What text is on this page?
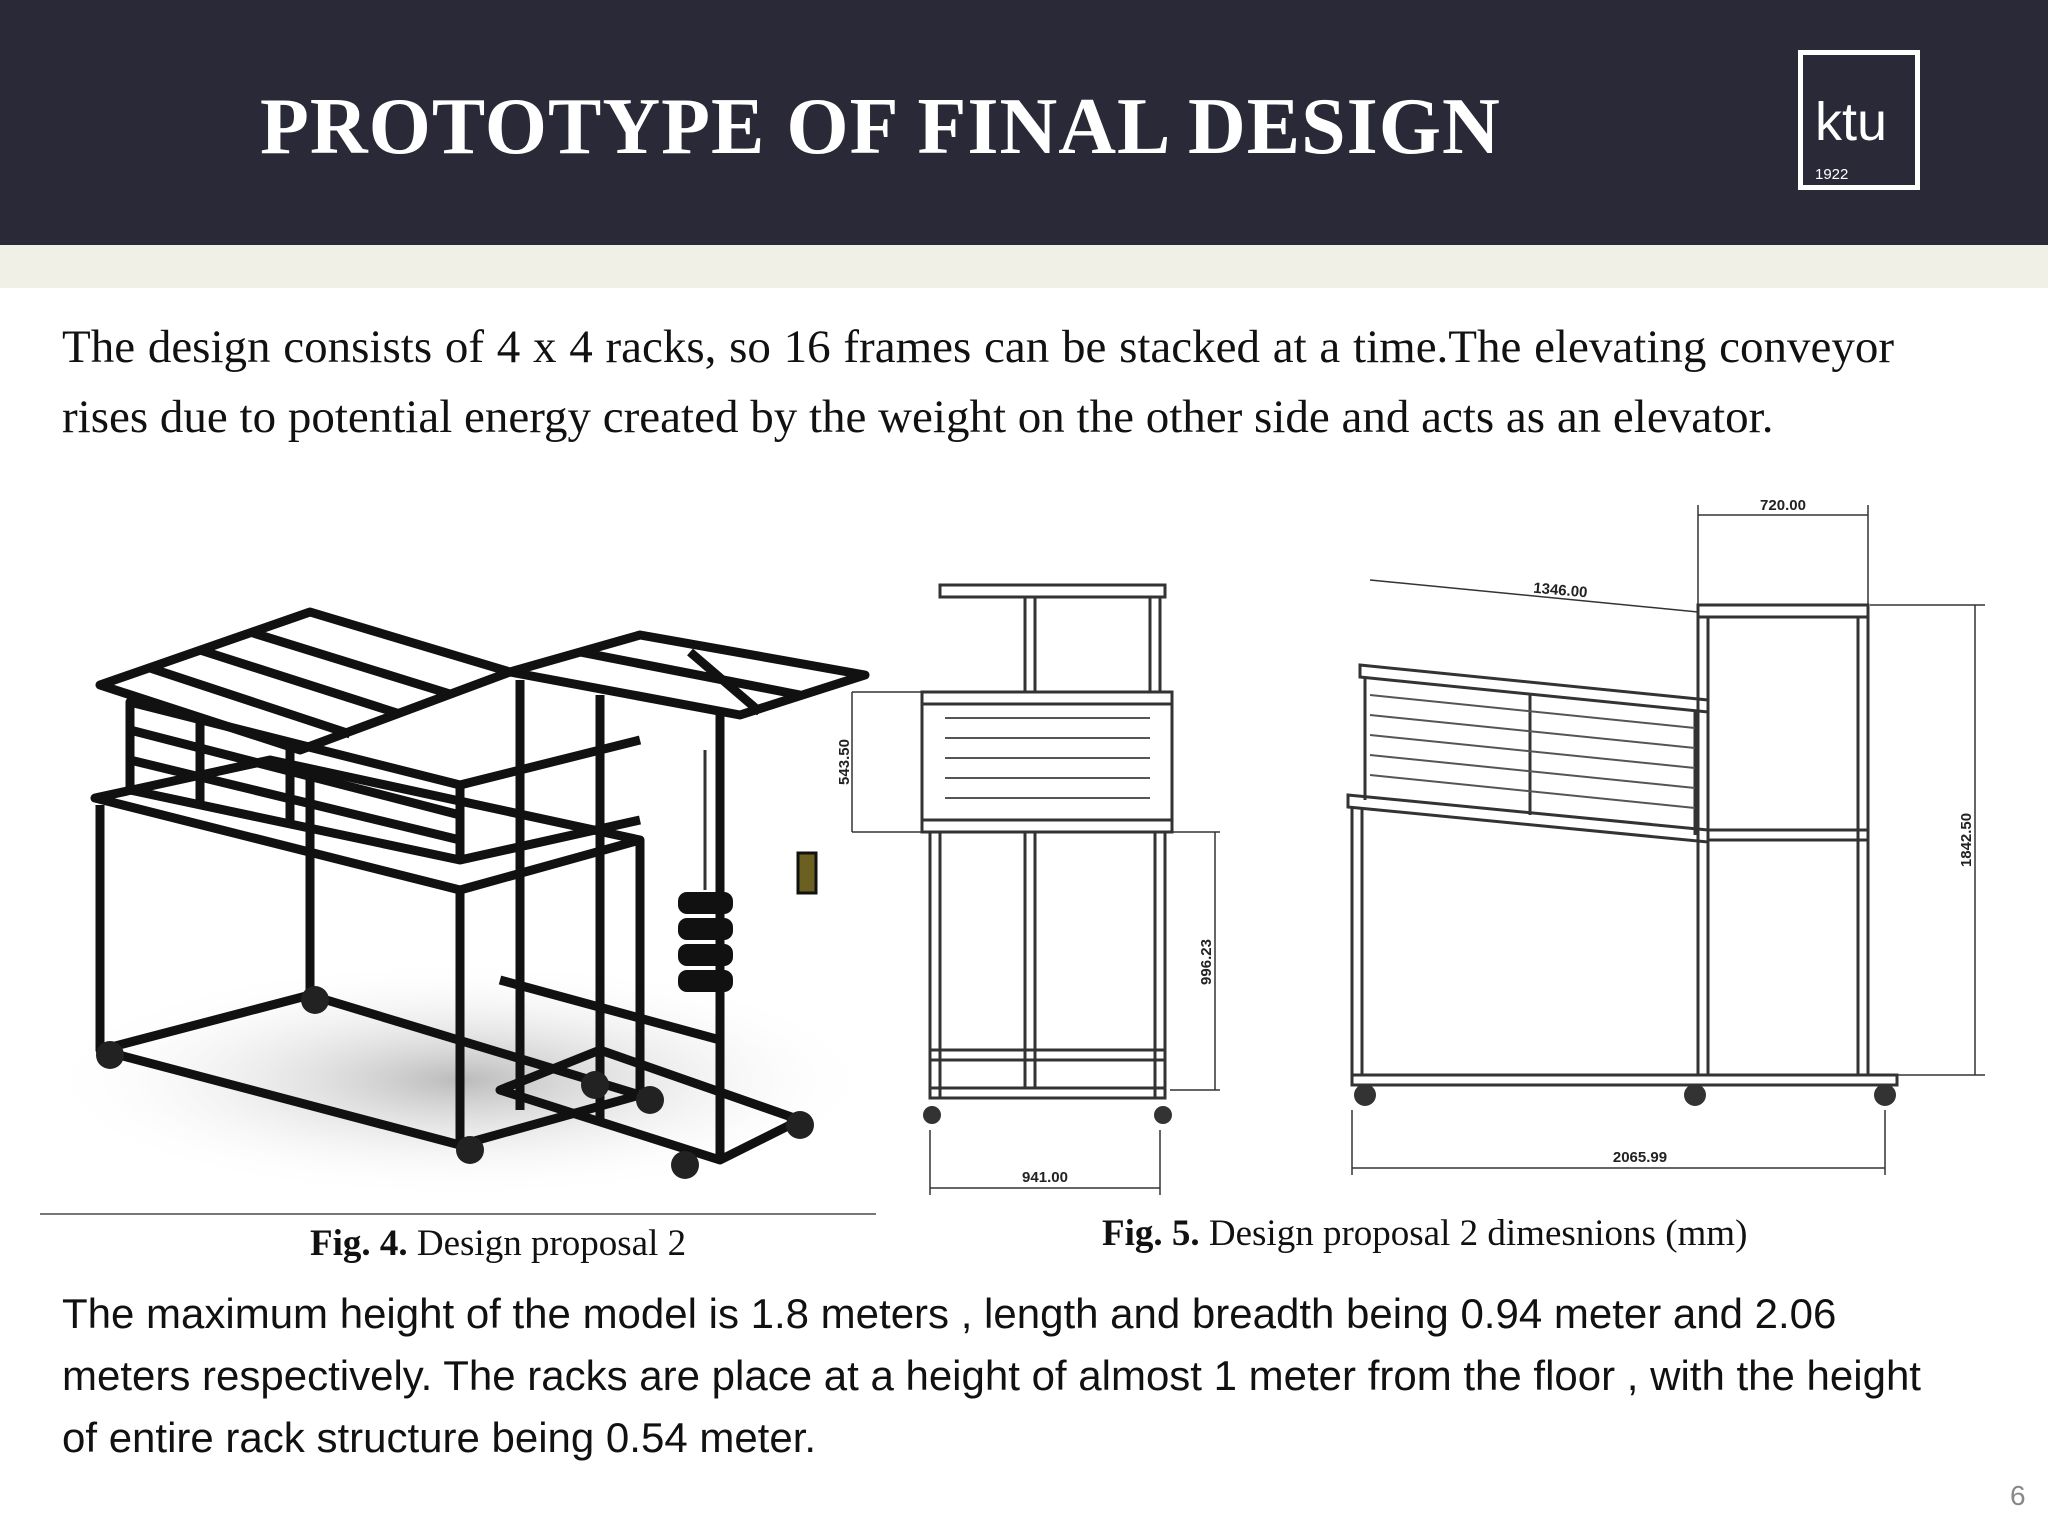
PROTOTYPE OF FINAL DESIGN	ktu
1922
The design consists of 4 x 4 racks, so 16 frames can be stacked at a time.The elevating conveyor rises due to potential energy created by the weight on the other side and acts as an elevator.
543.50
996.23
941.00
720.00
1346.00
1842.50
2065.99
Fig. 4. Design proposal 2	Fig. 5. Design proposal 2 dimesnions (mm)
The maximum height of the model is 1.8 meters , length and breadth being 0.94 meter and 2.06 meters respectively. The racks are place at a height of almost 1 meter from the floor , with the height of entire rack structure being 0.54 meter.
6
